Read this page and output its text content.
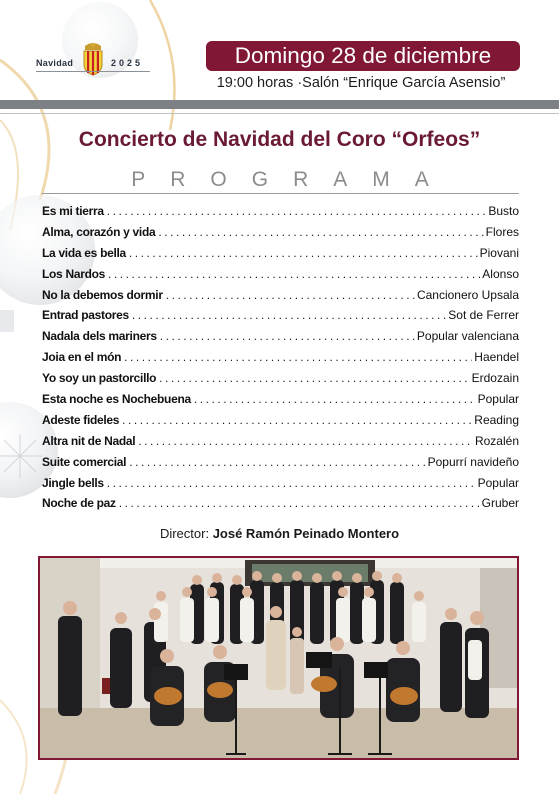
Navidad	2025	Domingo 28 de diciembre
19:00 horas ·Salón “Enrique García Asensio”
Concierto de Navidad del Coro “Orfeos”
PROGRAMA
Es mi tierra . . .	Busto
Alma, corazón y vida . . .	Flores
La vida es bella . . .	Piovani
Los Nardos . . .	Alonso
No la debemos dormir . . .	Cancionero Upsala
Entrad pastores . . .	Sot de Ferrer
Nadala dels mariners . . .	Popular valenciana
Joia en el món . . .	Haendel
Yo soy un pastorcillo . . .	Erdozain
Esta noche es Nochebuena . . .	Popular
Adeste fideles . . .	Reading
Altra nit de Nadal . . .	Rozalén
Suite comercial . . .	Popurrí navideño
Jingle bells . . .	Popular
Noche de paz . . .	Gruber
Director: José Ramón Peinado Montero
